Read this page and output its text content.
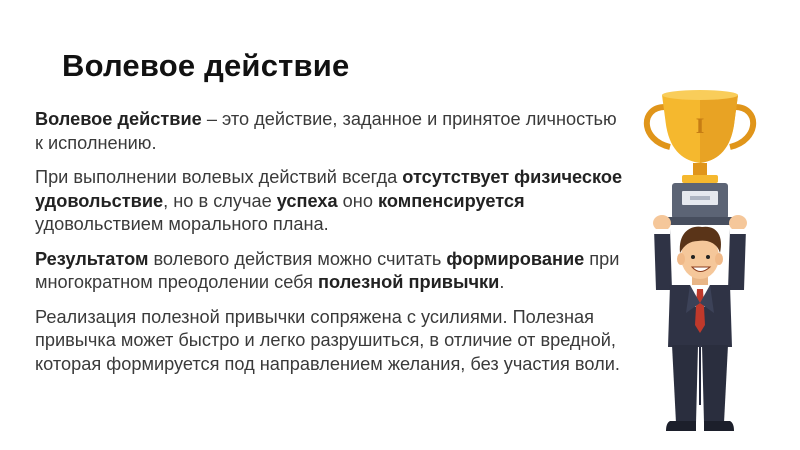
Волевое действие

Волевое действие – это действие, заданное и принятое личностью к исполнению.

При выполнении волевых действий всегда отсутствует физическое удовольствие, но в случае успеха оно компенсируется удовольствием морального плана.

Результатом волевого действия можно считать формирование при многократном преодолении себя полезной привычки.

Реализация полезной привычки сопряжена с усилиями. Полезная привычка может быстро и легко разрушиться, в отличие от вредной, которая формируется под направлением желания, без участия воли.

I
